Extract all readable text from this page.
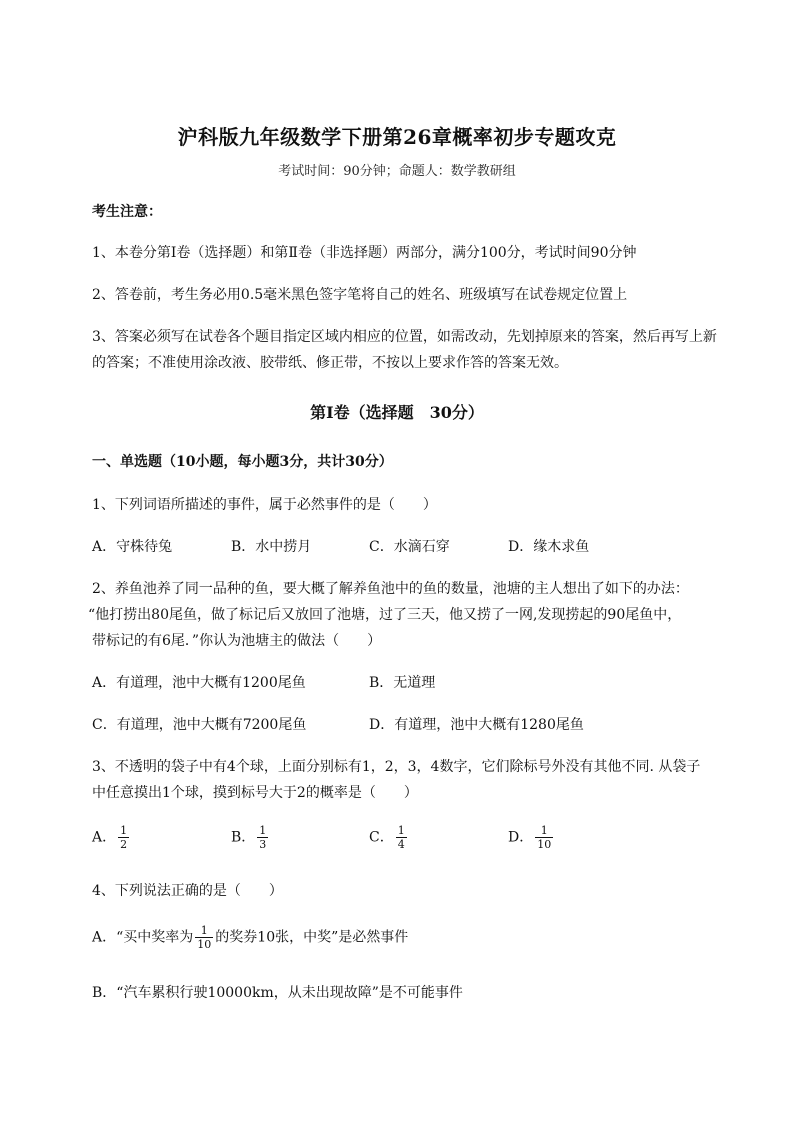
沪科版九年级数学下册第26章概率初步专题攻克
考试时间：90分钟；命题人：数学教研组
考生注意：
1、本卷分第Ⅰ卷（选择题）和第Ⅱ卷（非选择题）两部分，满分100分，考试时间90分钟
2、答卷前，考生务必用0.5毫米黑色签字笔将自己的姓名、班级填写在试卷规定位置上
3、答案必须写在试卷各个题目指定区域内相应的位置，如需改动，先划掉原来的答案，然后再写上新
的答案；不准使用涂改液、胶带纸、修正带，不按以上要求作答的答案无效。
第Ⅰ卷（选择题　30分）
一、单选题（10小题，每小题3分，共计30分）
1、下列词语所描述的事件，属于必然事件的是（　　）
A．守株待兔	B．水中捞月	C．水滴石穿	D．缘木求鱼
2、养鱼池养了同一品种的鱼，要大概了解养鱼池中的鱼的数量，池塘的主人想出了如下的办法：
“他打捞出80尾鱼，做了标记后又放回了池塘，过了三天，他又捞了一网,发现捞起的90尾鱼中，
带标记的有6尾．”你认为池塘主的做法（　　）
A．有道理，池中大概有1200尾鱼	B．无道理
C．有道理，池中大概有7200尾鱼	D．有道理，池中大概有1280尾鱼
3、不透明的袋子中有4个球，上面分别标有1，2，3，4数字，它们除标号外没有其他不同. 从袋子
中任意摸出1个球，摸到标号大于2的概率是（　　）
A． $\frac{1}{2}$	B． $\frac{1}{3}$	C． $\frac{1}{4}$	D． $\frac{1}{10}$
4、下列说法正确的是（　　）
A．“买中奖率为 $\frac{1}{10}$ 的奖券10张，中奖”是必然事件
B．“汽车累积行驶10000km，从未出现故障”是不可能事件
